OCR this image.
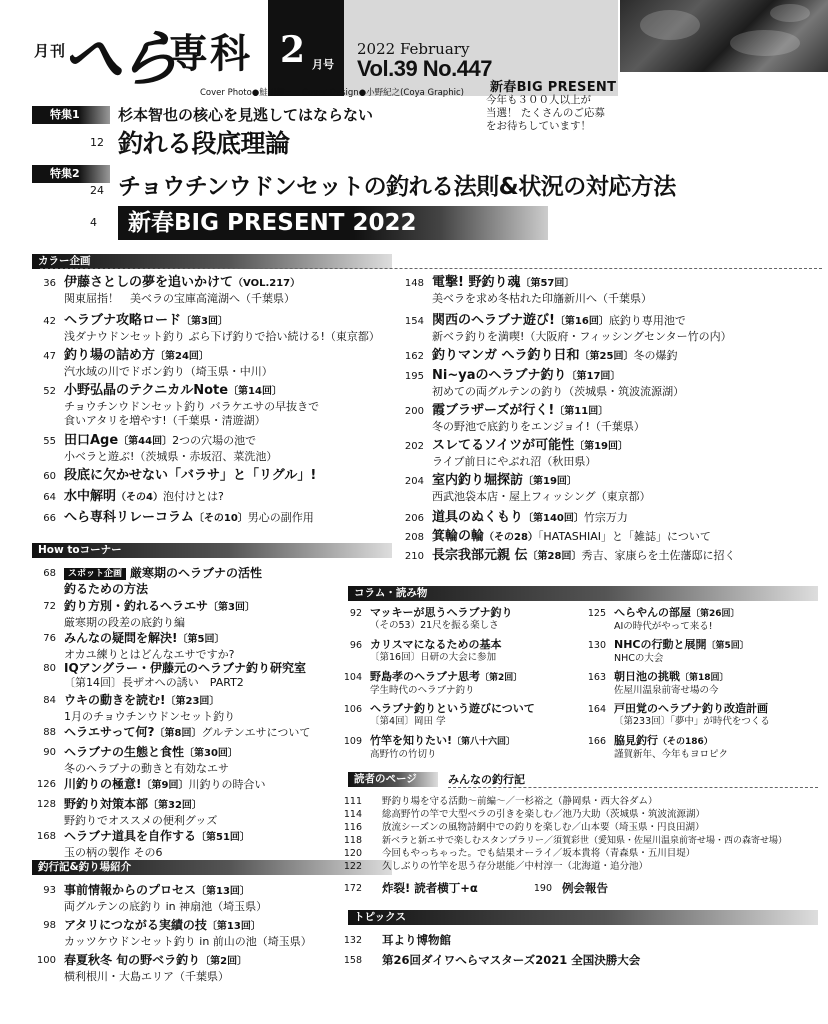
月刊
へら
専科 2 月号
2022 February
Vol.39 No.447
Cover Photo●鮭川健一　Cover Design●小野紀之(Coya Graphic) 新春BIG PRESENT
今年も３００人以上が
当選！ たくさんのご応募
をお待ちしています！
特集1	杉本智也の核心を見逃してはならない
12 釣れる段底理論
特集2
24 チョウチンウドンセットの釣れる法則&状況の対応方法
4	新春BIG PRESENT 2022
カラー企画
36 伊藤さとしの夢を追いかけて（VOL.217）
関東屈指！　美ベラの宝庫高滝湖へ（千葉県）
42 ヘラブナ攻略ロード〔第3回〕
浅ダナウドンセット釣り ぶら下げ釣りで拾い続ける!（東京都）
47 釣り場の詰め方〔第24回〕
汽水域の川でドボン釣り（埼玉県・中川）
52 小野弘晶のテクニカルNote〔第14回〕
チョウチンウドンセット釣り バラケエサの早抜きで
食いアタリを増やす!（千葉県・清遊湖）
55 田口Age〔第44回〕2つの穴場の池で
小ベラと遊ぶ!（茨城県・赤坂沼、菜洗池）
60 段底に欠かせない「バラサ」と「リグル」!
64 水中解明（その4）泡付けとは?
66 へら専科リレーコラム〔その10〕男心の副作用
148 電撃! 野釣り魂〔第57回〕
美ベラを求め冬枯れた印旛新川へ（千葉県）
154 関西のヘラブナ遊び!〔第16回〕底釣り専用池で
新ベラ釣りを満喫!（大阪府・フィッシングセンター竹の内）
162 釣りマンガ へラ釣り日和〔第25回〕冬の爆釣
195 Ni~yaのヘラブナ釣り〔第17回〕
初めての両グルテンの釣り（茨城県・筑波流源湖）
200 霞ブラザーズが行く!〔第11回〕
冬の野池で底釣りをエンジョイ!（千葉県）
202 スレてるソイツが可能性〔第19回〕
ライブ前日にやぶれ沼（秋田県）
204 室内釣り堀探訪〔第19回〕
西武池袋本店・屋上フィッシング（東京都）
206 道具のぬくもり〔第140回〕竹宗万力
208 箕輪の輪（その28）「HATASHIAI」と「雑誌」について
210 長宗我部元親 伝〔第28回〕秀吉、家康らを土佐藩邸に招く
How toコーナー
68	スポット企画 厳寒期のヘラブナの活性
釣るための方法
72 釣り方別・釣れるヘラエサ〔第3回〕
厳寒期の段差の底釣り編
76 みんなの疑問を解決!〔第5回〕
オカユ練りとはどんなエサですか?
80 IQアングラー・伊藤元のヘラブナ釣り研究室
〔第14回〕長ザオへの誘い　PART2
84 ウキの動きを読む!〔第23回〕
1月のチョウチンウドンセット釣り
88 ヘラエサって何?〔第8回〕グルテンエサについて
90 ヘラブナの生態と食性〔第30回〕
冬のヘラブナの動きと有効なエサ
126 川釣りの極意!〔第9回〕川釣りの時合い
128 野釣り対策本部〔第32回〕
野釣りでオススメの便利グッズ
168 ヘラブナ道具を自作する〔第51回〕
玉の柄の製作 その6
釣行記&釣り場紹介
93 事前情報からのプロセス〔第13回〕
両グルテンの底釣り in 神扇池（埼玉県）
98 アタリにつながる実績の技〔第13回〕
カッツケウドンセット釣り in 前山の池（埼玉県）
100 春夏秋冬 旬の野ベラ釣り〔第2回〕
横利根川・大島エリア（千葉県）
コラム・読み物
92 マッキーが思うヘラブナ釣り
（その53）21尺を振る楽しさ
96 カリスマになるための基本
〔第16回〕日研の大会に参加
104 野島孝のヘラブナ思考〔第2回〕
学生時代のヘラブナ釣り
106 ヘラブナ釣りという遊びについて
〔第4回〕岡田 学
109 竹竿を知りたい!〔第八十六回〕
高野竹の竹切り
125 へらやんの部屋〔第26回〕
AIの時代がやって来る!
130 NHCの行動と展開〔第5回〕
NHCの大会
163 朝日池の挑戦〔第18回〕
佐屋川温泉前寄せ場の今
164 戸田覚のヘラブナ釣り改造計画
〔第233回〕「夢中」が時代をつくる
166 脇見釣行（その186）
謹賀新年、今年もヨロピク
読者のページ	みんなの釣行記
111 野釣り場を守る活動〜前編〜／一杉裕之（静岡県・西大谷ダム）
114 総高野竹の竿で大型ベラの引きを楽しむ／池乃大助（茨城県・筑波流源湖）
116 放流シーズンの風物詩網中での釣りを楽しむ／山本要（埼玉県・円良田湖）
118 新ベラと新エサで楽しむスタンプラリー／須賀彩世（愛知県・佐屋川温泉前寄せ場・西の森寄せ場）
120 今回もやっちゃった。でも結果オーライ／坂本貴将（青森県・五川目堤）
122 久しぶりの竹竿を思う存分堪能／中村淳一（北海道・追分池）
172 炸裂! 読者横丁+α	190 例会報告
トピックス
132 耳より博物館
158 第26回ダイワへらマスターズ2021 全国決勝大会
